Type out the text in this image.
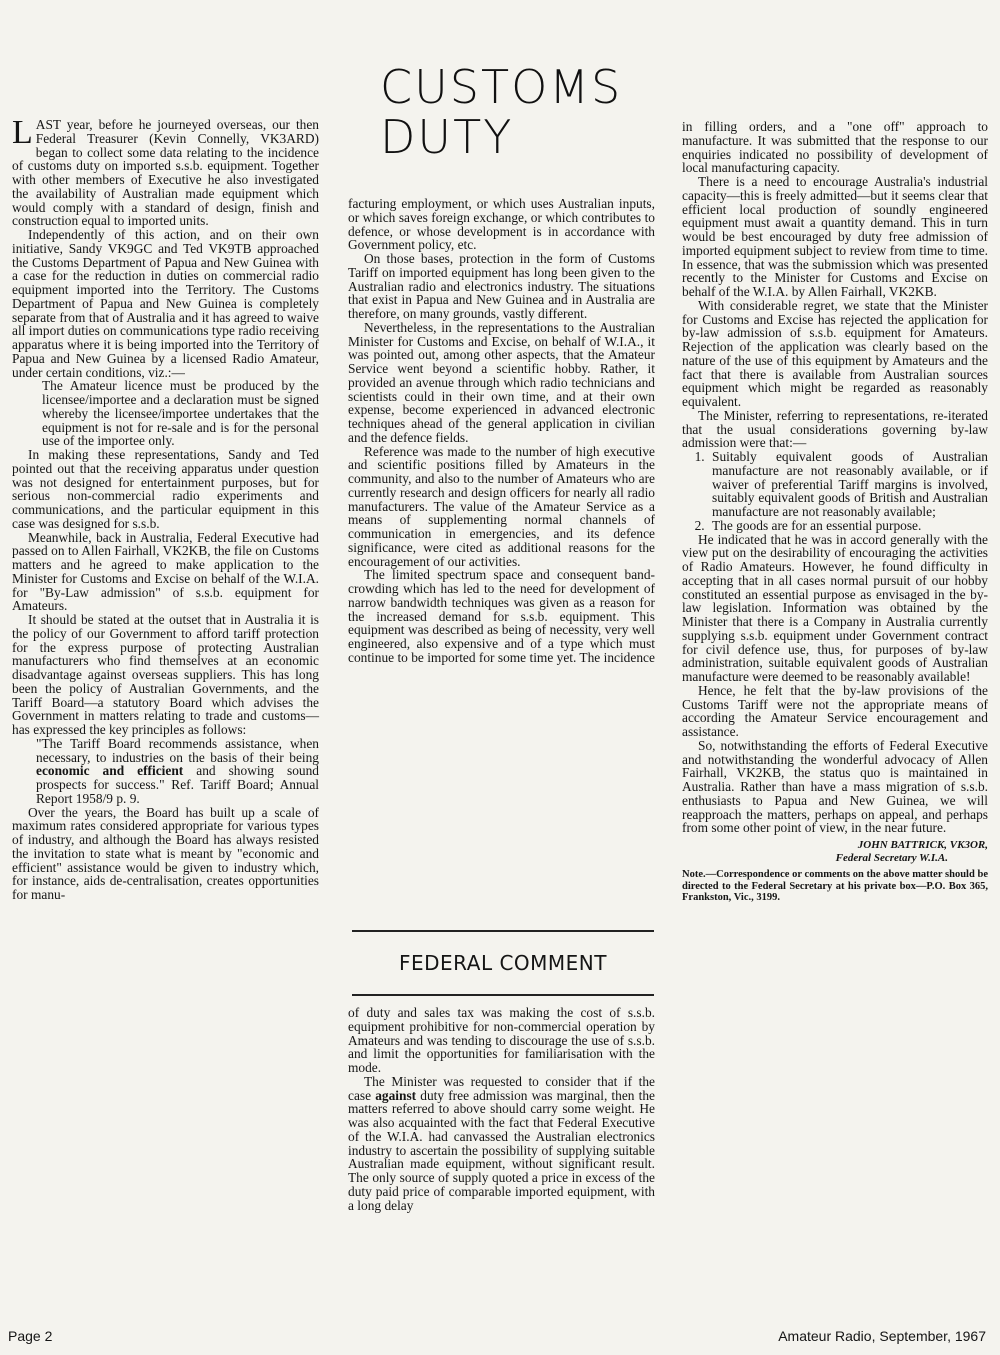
CUSTOMS
DUTY

LAST year, before he journeyed overseas, our then Federal Treasurer (Kevin Connelly, VK3ARD) began to collect some data relating to the incidence of customs duty on imported s.s.b. equipment. Together with other members of Executive he also investigated the availability of Australian made equipment which would comply with a standard of design, finish and construction equal to imported units.

Independently of this action, and on their own initiative, Sandy VK9GC and Ted VK9TB approached the Customs Department of Papua and New Guinea with a case for the reduction in duties on commercial radio equipment imported into the Territory. The Customs Department of Papua and New Guinea is completely separate from that of Australia and it has agreed to waive all import duties on communications type radio receiving apparatus where it is being imported into the Territory of Papua and New Guinea by a licensed Radio Amateur, under certain conditions, viz.:—

The Amateur licence must be produced by the licensee/importee and a declaration must be signed whereby the licensee/importee undertakes that the equipment is not for re-sale and is for the personal use of the importee only.

In making these representations, Sandy and Ted pointed out that the receiving apparatus under question was not designed for entertainment purposes, but for serious non-commercial radio experiments and communications, and the particular equipment in this case was designed for s.s.b.

Meanwhile, back in Australia, Federal Executive had passed on to Allen Fairhall, VK2KB, the file on Customs matters and he agreed to make application to the Minister for Customs and Excise on behalf of the W.I.A. for "By-Law admission" of s.s.b. equipment for Amateurs.

It should be stated at the outset that in Australia it is the policy of our Government to afford tariff protection for the express purpose of protecting Australian manufacturers who find themselves at an economic disadvantage against overseas suppliers. This has long been the policy of Australian Governments, and the Tariff Board—a statutory Board which advises the Government in matters relating to trade and customs—has expressed the key principles as follows:

"The Tariff Board recommends assistance, when necessary, to industries on the basis of their being economic and efficient and showing sound prospects for success." Ref. Tariff Board; Annual Report 1958/9 p. 9.

Over the years, the Board has built up a scale of maximum rates considered appropriate for various types of industry, and although the Board has always resisted the invitation to state what is meant by "economic and efficient" assistance would be given to industry which, for instance, aids de-centralisation, creates opportunities for manu-

facturing employment, or which uses Australian inputs, or which saves foreign exchange, or which contributes to defence, or whose development is in accordance with Government policy, etc.

On those bases, protection in the form of Customs Tariff on imported equipment has long been given to the Australian radio and electronics industry. The situations that exist in Papua and New Guinea and in Australia are therefore, on many grounds, vastly different.

Nevertheless, in the representations to the Australian Minister for Customs and Excise, on behalf of W.I.A., it was pointed out, among other aspects, that the Amateur Service went beyond a scientific hobby. Rather, it provided an avenue through which radio technicians and scientists could in their own time, and at their own expense, become experienced in advanced electronic techniques ahead of the general application in civilian and the defence fields.

Reference was made to the number of high executive and scientific positions filled by Amateurs in the community, and also to the number of Amateurs who are currently research and design officers for nearly all radio manufacturers. The value of the Amateur Service as a means of supplementing normal channels of communication in emergencies, and its defence significance, were cited as additional reasons for the encouragement of our activities.

The limited spectrum space and consequent band-crowding which has led to the need for development of narrow bandwidth techniques was given as a reason for the increased demand for s.s.b. equipment. This equipment was described as being of necessity, very well engineered, also expensive and of a type which must continue to be imported for some time yet. The incidence

FEDERAL COMMENT

of duty and sales tax was making the cost of s.s.b. equipment prohibitive for non-commercial operation by Amateurs and was tending to discourage the use of s.s.b. and limit the opportunities for familiarisation with the mode.

The Minister was requested to consider that if the case against duty free admission was marginal, then the matters referred to above should carry some weight. He was also acquainted with the fact that Federal Executive of the W.I.A. had canvassed the Australian electronics industry to ascertain the possibility of supplying suitable Australian made equipment, without significant result. The only source of supply quoted a price in excess of the duty paid price of comparable imported equipment, with a long delay

in filling orders, and a "one off" approach to manufacture. It was submitted that the response to our enquiries indicated no possibility of development of local manufacturing capacity.

There is a need to encourage Australia's industrial capacity—this is freely admitted—but it seems clear that efficient local production of soundly engineered equipment must await a quantity demand. This in turn would be best encouraged by duty free admission of imported equipment subject to review from time to time. In essence, that was the submission which was presented recently to the Minister for Customs and Excise on behalf of the W.I.A. by Allen Fairhall, VK2KB.

With considerable regret, we state that the Minister for Customs and Excise has rejected the application for by-law admission of s.s.b. equipment for Amateurs. Rejection of the application was clearly based on the nature of the use of this equipment by Amateurs and the fact that there is available from Australian sources equipment which might be regarded as reasonably equivalent.

The Minister, referring to representations, re-iterated that the usual considerations governing by-law admission were that:—

1. Suitably equivalent goods of Australian manufacture are not reasonably available, or if waiver of preferential Tariff margins is involved, suitably equivalent goods of British and Australian manufacture are not reasonably available;
2. The goods are for an essential purpose.

He indicated that he was in accord generally with the view put on the desirability of encouraging the activities of Radio Amateurs. However, he found difficulty in accepting that in all cases normal pursuit of our hobby constituted an essential purpose as envisaged in the by-law legislation. Information was obtained by the Minister that there is a Company in Australia currently supplying s.s.b. equipment under Government contract for civil defence use, thus, for purposes of by-law administration, suitable equivalent goods of Australian manufacture were deemed to be reasonably available!

Hence, he felt that the by-law provisions of the Customs Tariff were not the appropriate means of according the Amateur Service encouragement and assistance.

So, notwithstanding the efforts of Federal Executive and notwithstanding the wonderful advocacy of Allen Fairhall, VK2KB, the status quo is maintained in Australia. Rather than have a mass migration of s.s.b. enthusiasts to Papua and New Guinea, we will reapproach the matters, perhaps on appeal, and perhaps from some other point of view, in the near future.

JOHN BATTRICK, VK3OR,
Federal Secretary W.I.A.
Note.—Correspondence or comments on the above matter should be directed to the Federal Secretary at his private box—P.O. Box 365, Frankston, Vic., 3199.
Page 2	Amateur Radio, September, 1967
